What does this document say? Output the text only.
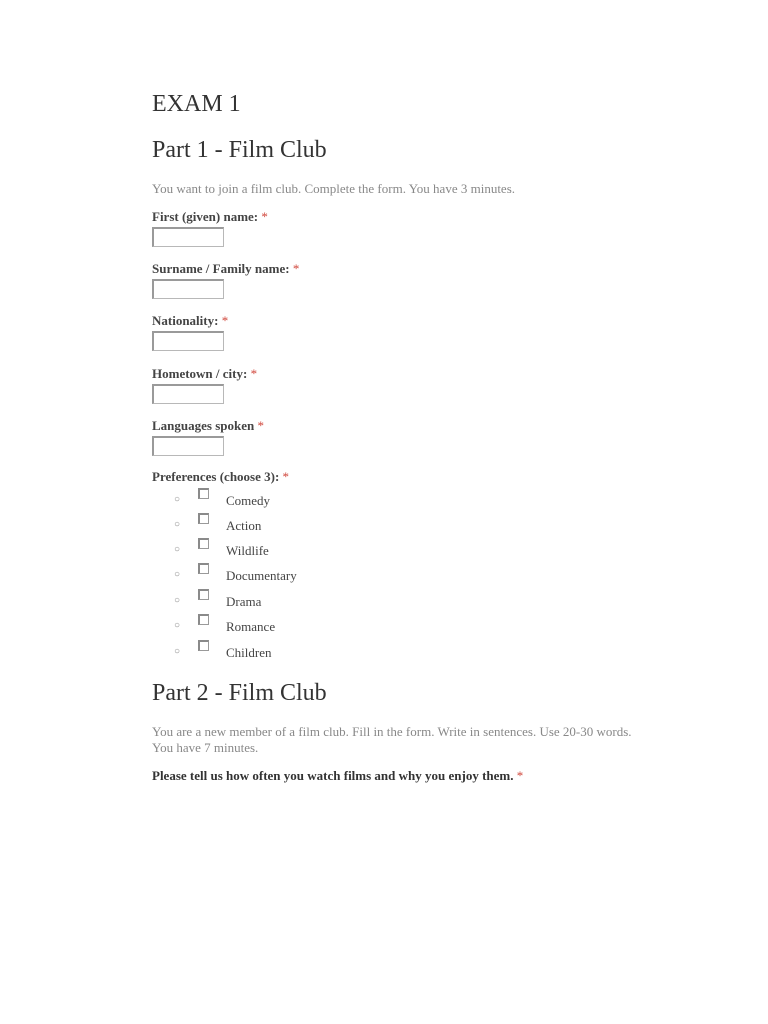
EXAM 1
Part 1 - Film Club

You want to join a film club. Complete the form. You have 3 minutes.

First (given) name: *
Surname / Family name: *
Nationality: *
Hometown / city: *
Languages spoken *
Preferences (choose 3): *
○	Comedy
○	Action
○	Wildlife
○	Documentary
○	Drama
○	Romance
○	Children
Part 2 - Film Club

You are a new member of a film club. Fill in the form. Write in sentences. Use 20-30 words. You have 7 minutes.

Please tell us how often you watch films and why you enjoy them. *
